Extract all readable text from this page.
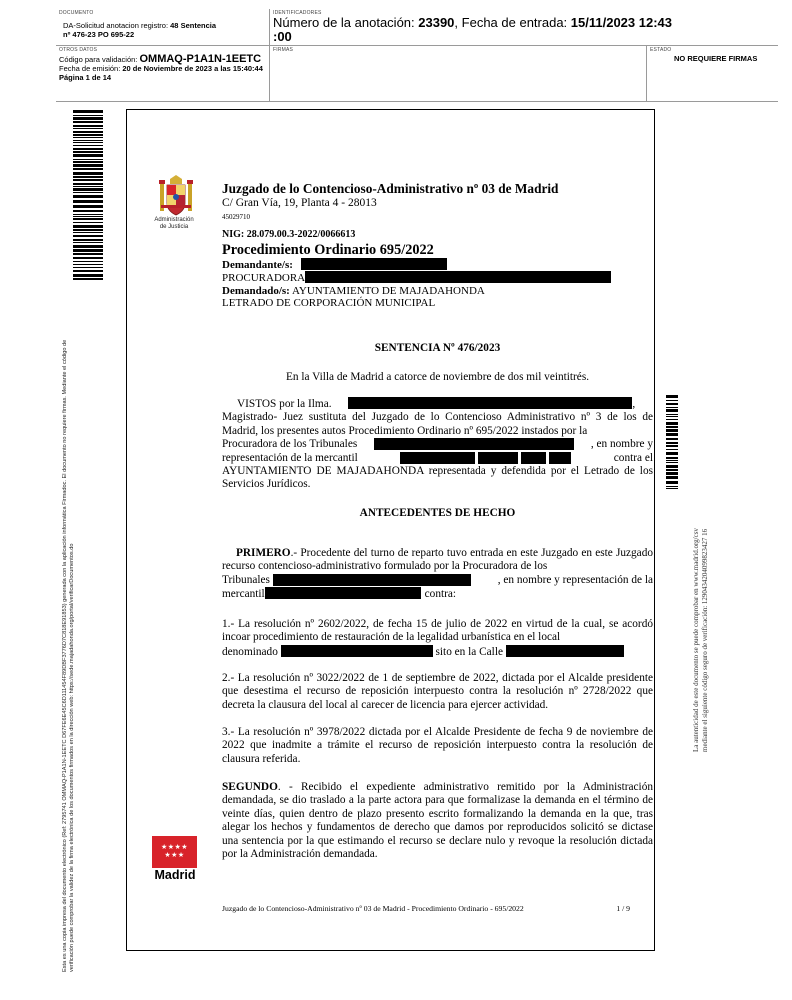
DOCUMENTO
DA-Solicitud anotacion registro: 48 Sentencia
nº 476-23 PO 695-22
IDENTIFICADORES
Número de la anotación: 23390, Fecha de entrada: 15/11/2023 12:43
:00
OTROS DATOS
Código para validación: OMMAQ-P1A1N-1EETC
Fecha de emisión: 20 de Noviembre de 2023 a las 15:40:44
Página 1 de 14
FIRMAS	ESTADO
NO REQUIERE FIRMAS
Esta es una copia impresa del documento electrónico (Ref: 2795741 OMMAQ-P1A1N-1EETC D67FE6E45C6D111454F89DBF3776D7C818E91853) generada con la aplicación informática Firmadoc. El documento no requiere firmas. Mediante el código de verificación puede comprobar la validez de la firma electrónica de los documentos firmados en la dirección web: https://sede.majadahonda.org/portal/verificarDocumentos.do	La autenticidad de este documento se puede comprobar en www.madrid.org/csv mediante el siguiente código seguro de verificación: 1290434204099823427 16
Administración
de Justicia
Juzgado de lo Contencioso-Administrativo nº 03 de Madrid
C/ Gran Vía, 19, Planta 4 - 28013
45029710
NIG: 28.079.00.3-2022/0066613
Procedimiento Ordinario 695/2022
Demandante/s:
PROCURADORA
Demandado/s: AYUNTAMIENTO DE MAJADAHONDA
LETRADO DE CORPORACIÓN MUNICIPAL
SENTENCIA Nº 476/2023
En la Villa de Madrid a catorce de noviembre de dos mil veintitrés.
VISTOS por la Ilma.	,
Magistrado- Juez sustituta del Juzgado de lo Contencioso Administrativo nº 3 de los de Madrid, los presentes autos Procedimiento Ordinario nº 695/2022 instados por la
Procuradora de los Tribunales	, en nombre y
representación de la mercantil	contra el
AYUNTAMIENTO DE MAJADAHONDA representada y defendida por el Letrado de los Servicios Jurídicos.
ANTECEDENTES DE HECHO
PRIMERO.- Procedente del turno de reparto tuvo entrada en este Juzgado en este Juzgado recurso contencioso-administrativo formulado por la Procuradora de los
Tribunales	, en nombre y representación de la
mercantil	contra:
1.- La resolución nº 2602/2022, de fecha 15 de julio de 2022 en virtud de la cual, se acordó incoar procedimiento de restauración de la legalidad urbanística en el local
denominado	sito en la Calle
2.- La resolución nº 3022/2022 de 1 de septiembre de 2022, dictada por el Alcalde presidente que desestima el recurso de reposición interpuesto contra la resolución nº 2728/2022 que decreta la clausura del local al carecer de licencia para ejercer actividad.
3.- La resolución nº 3978/2022 dictada por el Alcalde Presidente de fecha 9 de noviembre de 2022 que inadmite a trámite el recurso de reposición interpuesto contra la resolución de clausura referida.
SEGUNDO. - Recibido el expediente administrativo remitido por la Administración demandada, se dio traslado a la parte actora para que formalizase la demanda en el término de veinte días, quien dentro de plazo presento escrito formalizando la demanda en la que, tras alegar los hechos y fundamentos de derecho que damos por reproducidos solicitó se dictase una sentencia por la que estimando el recurso se declare nulo y revoque la resolución dictada por la Administración demandada.
★★★★★★★
Madrid
Juzgado de lo Contencioso-Administrativo nº 03 de Madrid - Procedimiento Ordinario - 695/2022	1 / 9
